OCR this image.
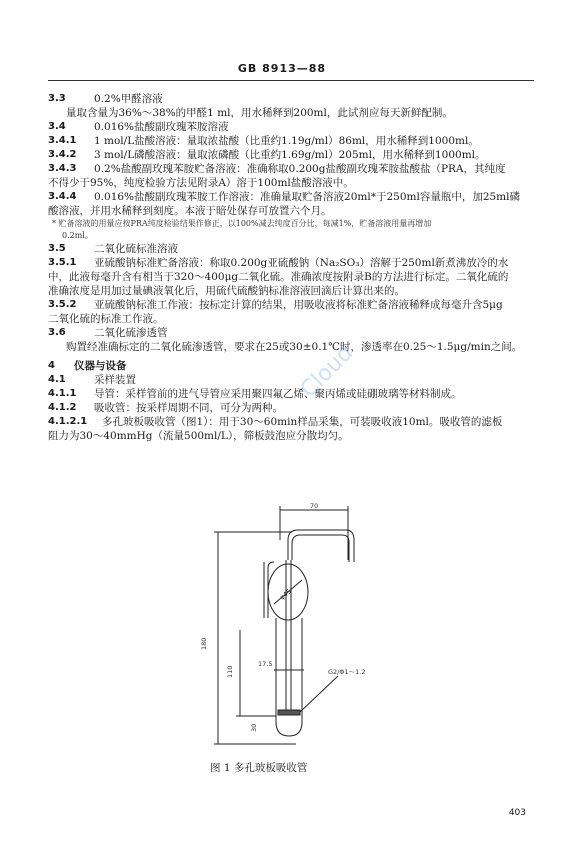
GB 8913—88
3.3	0.2%甲醛溶液
量取含量为36%～38%的甲醛1 ml，用水稀释到200ml，此试剂应每天新鲜配制。
3.4	0.016%盐酸副玫瑰苯胺溶液
3.4.1 1 mol/L盐酸溶液：量取浓盐酸（比重约1.19g/ml）86ml，用水稀释到1000ml。
3.4.2 3 mol/L磷酸溶液：量取浓磷酸（比重约1.69g/ml）205ml，用水稀释到1000ml。
3.4.3 0.2%盐酸副玫瑰苯胺贮备溶液：准确称取0.200g盐酸副玫瑰苯胺盐酸盐（PRA，其纯度
不得少于95%，纯度检验方法见附录A）溶于100ml盐酸溶液中。
3.4.4 0.016%盐酸副玫瑰苯胺工作溶液：准确量取贮备溶液20ml*于250ml容量瓶中，加25ml磷
酸溶液，并用水稀释到刻度。本液于暗处保存可放置六个月。
* 贮备溶液的用量应按PRA纯度检验结果作修正，以100%减去纯度百分比，每减1%，贮备溶液用量再增加
0.2ml。
3.5	二氧化硫标准溶液
3.5.1 亚硫酸钠标准贮备溶液：称取0.200g亚硫酸钠（Na₂SO₃）溶解于250ml新煮沸放冷的水
中，此液每毫升含有相当于320～400μg二氧化硫。准确浓度按附录B的方法进行标定。二氧化硫的
准确浓度是用加过量碘液氧化后，用硫代硫酸钠标准溶液回滴后计算出来的。
3.5.2 亚硫酸钠标准工作液：按标定计算的结果，用吸收液将标准贮备溶液稀释成每毫升含5μg
二氧化硫的标准工作液。
3.6	二氧化硫渗透管
购置经准确标定的二氧化硫渗透管，要求在25或30±0.1℃时，渗透率在0.25～1.5μg/min之间。
4 仪器与设备
4.1	采样装置
4.1.1 导管：采样管前的进气导管应采用聚四氟乙烯、聚丙烯或硅硼玻璃等材料制成。
4.1.2 吸收管：按采样周期不同，可分为两种。
4.1.2.1 多孔玻板吸收管（图1）：用于30～60min样品采集，可装吸收液10ml。吸收管的滤板
阻力为30～40mmHg（流量500ml/L），筛板鼓泡应分散均匀。
Cloud
70
180
110
φ45
17.5
30
G2/Φ1～1.2
图 1 多孔玻板吸收管
403
